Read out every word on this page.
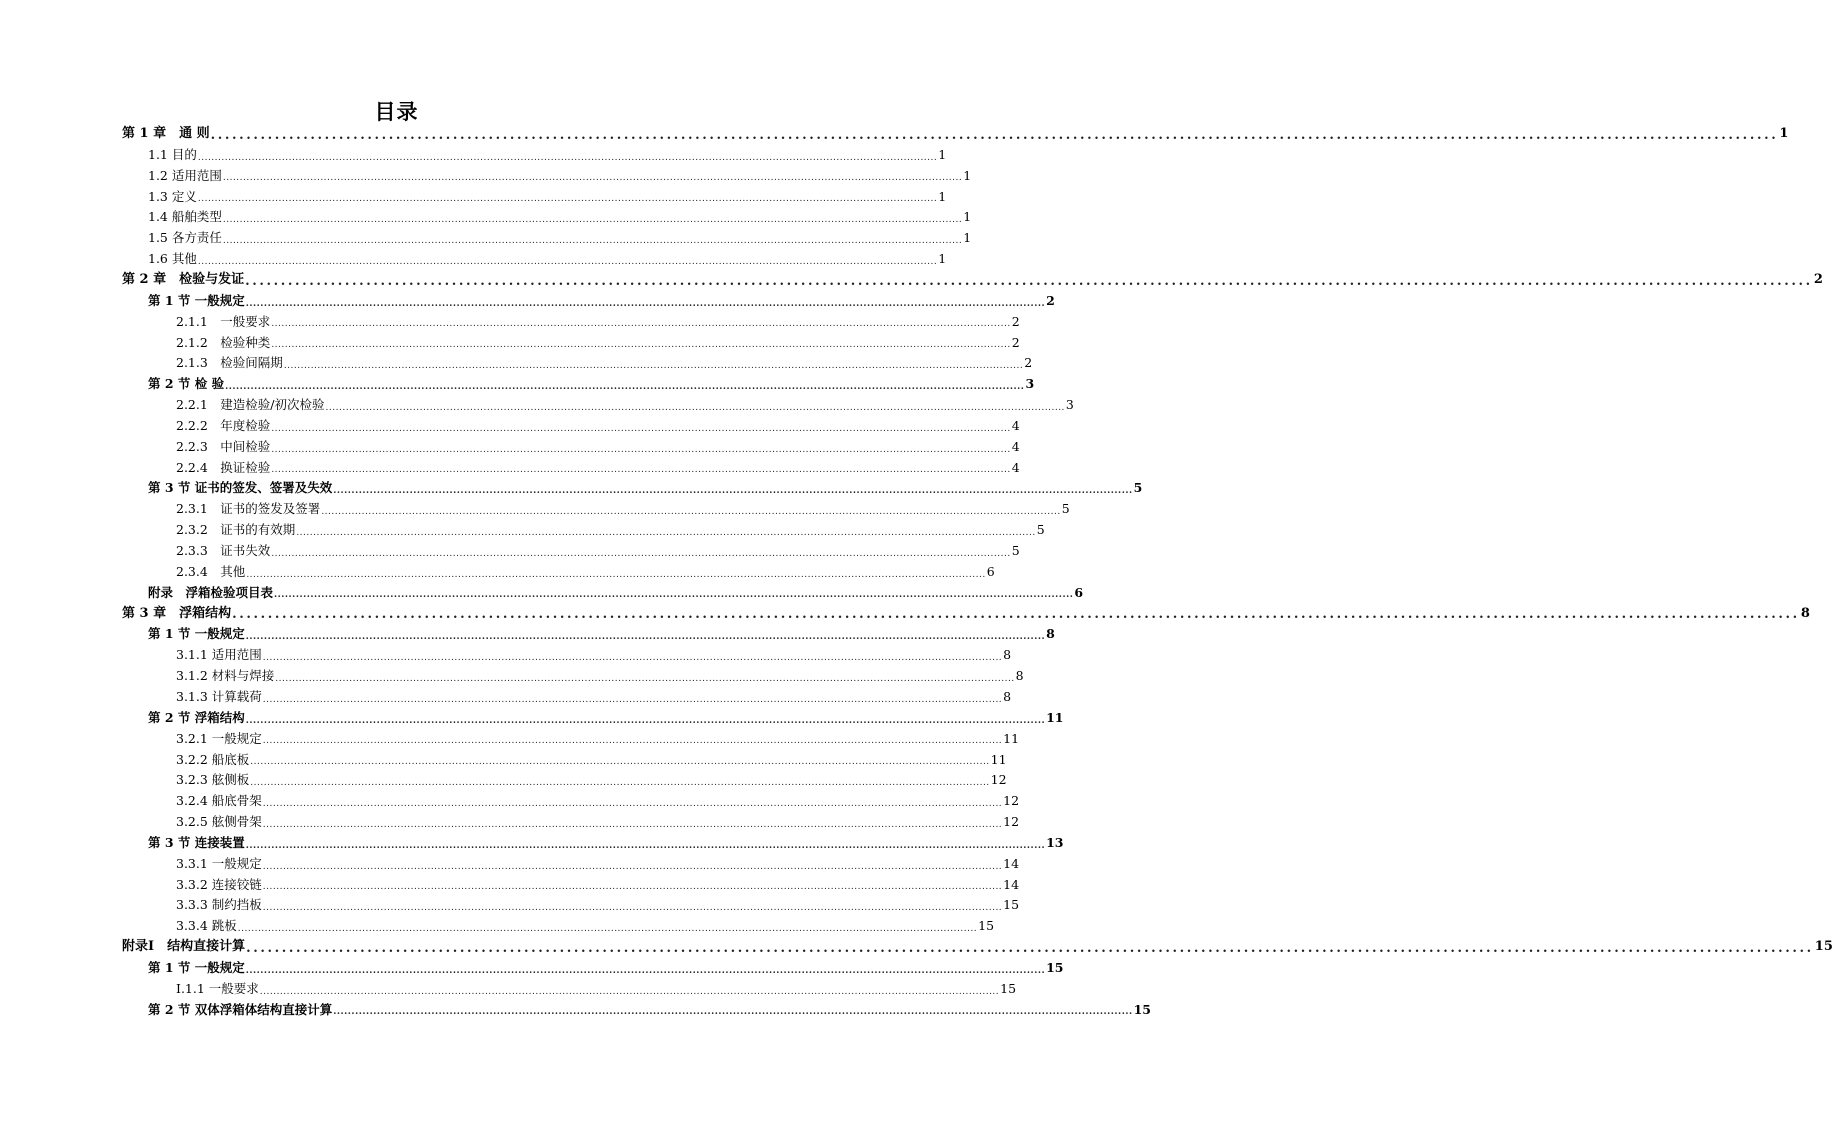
目录
第 1 章　通 则 ............................................................................................................................................................................................................................ 1
1.1 目的 ............................................................................................................................................................................................................................ 1
1.2 适用范围 ............................................................................................................................................................................................................................ 1
1.3 定义 ............................................................................................................................................................................................................................ 1
1.4 船舶类型 ............................................................................................................................................................................................................................ 1
1.5 各方责任 ............................................................................................................................................................................................................................ 1
1.6 其他 ............................................................................................................................................................................................................................ 1
第 2 章　检验与发证 ............................................................................................................................................................................................................................ 2
第 1 节 一般规定 ............................................................................................................................................................................................................................ 2
2.1.1　一般要求 ............................................................................................................................................................................................................................ 2
2.1.2　检验种类 ............................................................................................................................................................................................................................ 2
2.1.3　检验间隔期 ............................................................................................................................................................................................................................ 2
第 2 节 检 验 ............................................................................................................................................................................................................................ 3
2.2.1　建造检验/初次检验 ............................................................................................................................................................................................................................ 3
2.2.2　年度检验 ............................................................................................................................................................................................................................ 4
2.2.3　中间检验 ............................................................................................................................................................................................................................ 4
2.2.4　换证检验 ............................................................................................................................................................................................................................ 4
第 3 节 证书的签发、签署及失效 ............................................................................................................................................................................................................................ 5
2.3.1　证书的签发及签署 ............................................................................................................................................................................................................................ 5
2.3.2　证书的有效期 ............................................................................................................................................................................................................................ 5
2.3.3　证书失效 ............................................................................................................................................................................................................................ 5
2.3.4　其他 ............................................................................................................................................................................................................................ 6
附录　浮箱检验项目表 ............................................................................................................................................................................................................................ 6
第 3 章　浮箱结构 ............................................................................................................................................................................................................................ 8
第 1 节 一般规定 ............................................................................................................................................................................................................................ 8
3.1.1 适用范围 ............................................................................................................................................................................................................................ 8
3.1.2 材料与焊接 ............................................................................................................................................................................................................................ 8
3.1.3 计算载荷 ............................................................................................................................................................................................................................ 8
第 2 节 浮箱结构 ............................................................................................................................................................................................................................ 11
3.2.1 一般规定 ............................................................................................................................................................................................................................ 11
3.2.2 船底板 ............................................................................................................................................................................................................................ 11
3.2.3 舷侧板 ............................................................................................................................................................................................................................ 12
3.2.4 船底骨架 ............................................................................................................................................................................................................................ 12
3.2.5 舷侧骨架 ............................................................................................................................................................................................................................ 12
第 3 节 连接装置 ............................................................................................................................................................................................................................ 13
3.3.1 一般规定 ............................................................................................................................................................................................................................ 14
3.3.2 连接铰链 ............................................................................................................................................................................................................................ 14
3.3.3 制约挡板 ............................................................................................................................................................................................................................ 15
3.3.4 跳板 ............................................................................................................................................................................................................................ 15
附录Ⅰ　结构直接计算 ............................................................................................................................................................................................................................ 15
第 1 节 一般规定 ............................................................................................................................................................................................................................ 15
Ⅰ.1.1 一般要求 ............................................................................................................................................................................................................................ 15
第 2 节 双体浮箱体结构直接计算 ............................................................................................................................................................................................................................ 15
